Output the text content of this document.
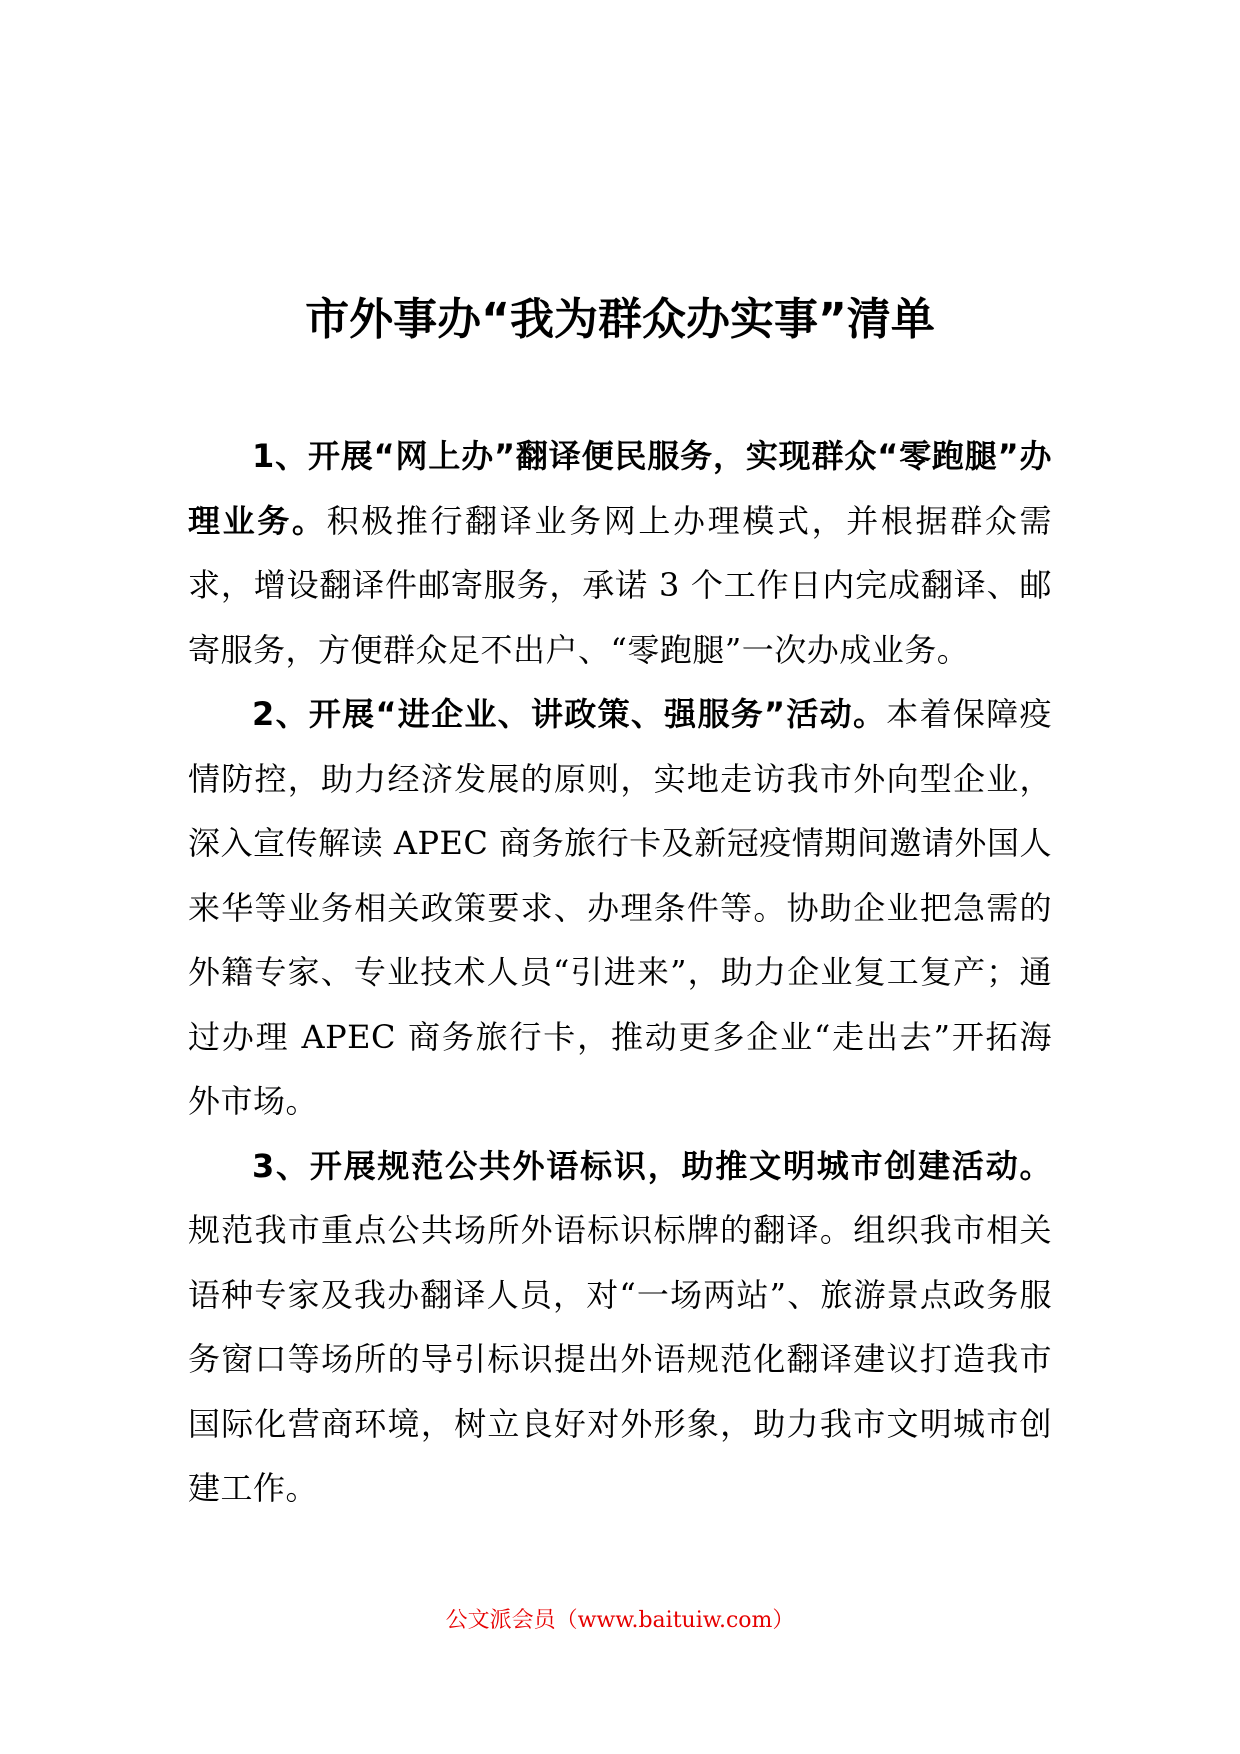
市外事办“我为群众办实事”清单

1、开展“网上办”翻译便民服务，实现群众“零跑腿”办理业务。积极推行翻译业务网上办理模式，并根据群众需求，增设翻译件邮寄服务，承诺 3 个工作日内完成翻译、邮寄服务，方便群众足不出户、“零跑腿”一次办成业务。

2、开展“进企业、讲政策、强服务”活动。本着保障疫情防控，助力经济发展的原则，实地走访我市外向型企业，深入宣传解读 APEC 商务旅行卡及新冠疫情期间邀请外国人来华等业务相关政策要求、办理条件等。协助企业把急需的外籍专家、专业技术人员“引进来”，助力企业复工复产；通过办理 APEC 商务旅行卡，推动更多企业“走出去”开拓海外市场。

3、开展规范公共外语标识，助推文明城市创建活动。规范我市重点公共场所外语标识标牌的翻译。组织我市相关语种专家及我办翻译人员，对“一场两站”、旅游景点政务服务窗口等场所的导引标识提出外语规范化翻译建议打造我市国际化营商环境，树立良好对外形象，助力我市文明城市创建工作。

公文派会员（www.baituiw.com）
